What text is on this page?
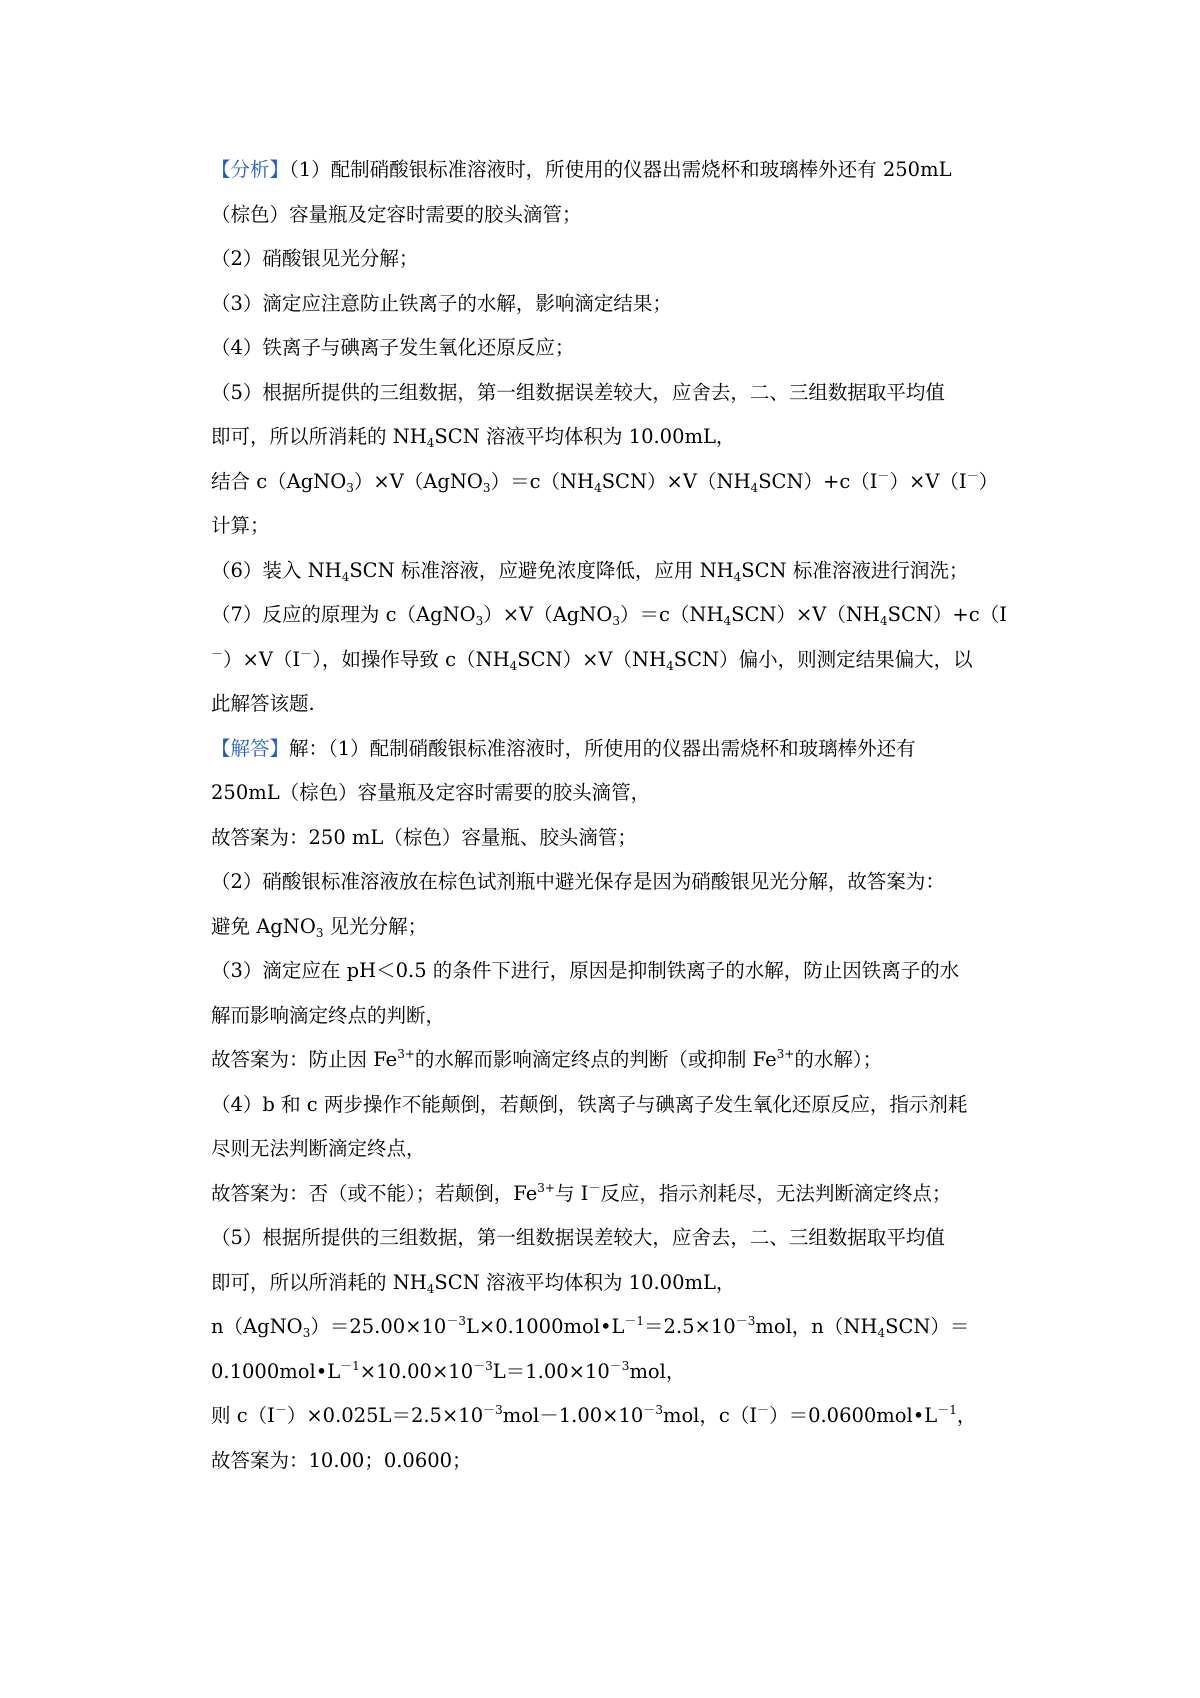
【分析】（1）配制硝酸银标准溶液时，所使用的仪器出需烧杯和玻璃棒外还有 250mL
（棕色）容量瓶及定容时需要的胶头滴管；
（2）硝酸银见光分解；
（3）滴定应注意防止铁离子的水解，影响滴定结果；
（4）铁离子与碘离子发生氧化还原反应；
（5）根据所提供的三组数据，第一组数据误差较大，应舍去，二、三组数据取平均值
即可，所以所消耗的 $NH_4SCN$ 溶液平均体积为 10.00mL，
结合 $c(AgNO_3)\times V(AgNO_3)=c(NH_4SCN)\times V(NH_4SCN)+c(I^-)\times V(I^-)$
计算；
（6）装入 $NH_4SCN$ 标准溶液，应避免浓度降低，应用 $NH_4SCN$ 标准溶液进行润洗；
（7）反应的原理为 $c(AgNO_3)\times V(AgNO_3)=c(NH_4SCN)\times V(NH_4SCN)+c(I$
－）×V（I－），如操作导致 $c(NH_4SCN)\times V(NH_4SCN)$偏小，则测定结果偏大，以
此解答该题.
【解答】解：（1）配制硝酸银标准溶液时，所使用的仪器出需烧杯和玻璃棒外还有
250mL（棕色）容量瓶及定容时需要的胶头滴管，
故答案为：250 mL（棕色）容量瓶、胶头滴管；
（2）硝酸银标准溶液放在棕色试剂瓶中避光保存是因为硝酸银见光分解，故答案为：
避免 AgNO$_3$ 见光分解；
（3）滴定应在 pH＜0.5 的条件下进行，原因是抑制铁离子的水解，防止因铁离子的水
解而影响滴定终点的判断，
故答案为：防止因 $Fe^{3+}$的水解而影响滴定终点的判断（或抑制 $Fe^{3+}$的水解）；
（4）b 和 c 两步操作不能颠倒，若颠倒，铁离子与碘离子发生氧化还原反应，指示剂耗
尽则无法判断滴定终点，
故答案为：否（或不能）；若颠倒，$Fe^{3+}$与 I－反应，指示剂耗尽，无法判断滴定终点；
（5）根据所提供的三组数据，第一组数据误差较大，应舍去，二、三组数据取平均值
即可，所以所消耗的 $NH_4SCN$ 溶液平均体积为 10.00mL，
$n(AgNO_3)=25.00\times 10^{-3}L\times 0.1000mol•L^{-1}=2.5\times 10^{-3}mol$，$n(NH_4SCN)=$
$0.1000mol•L^{-1}\times 10.00\times 10^{-3}L=1.00\times 10^{-3}mol$，
则 $c(I^-)\times 0.025L=2.5\times 10^{-3}mol-1.00\times 10^{-3}mol$，$c(I^-)=0.0600mol•L^{-1}$，
故答案为：10.00；0.0600；
